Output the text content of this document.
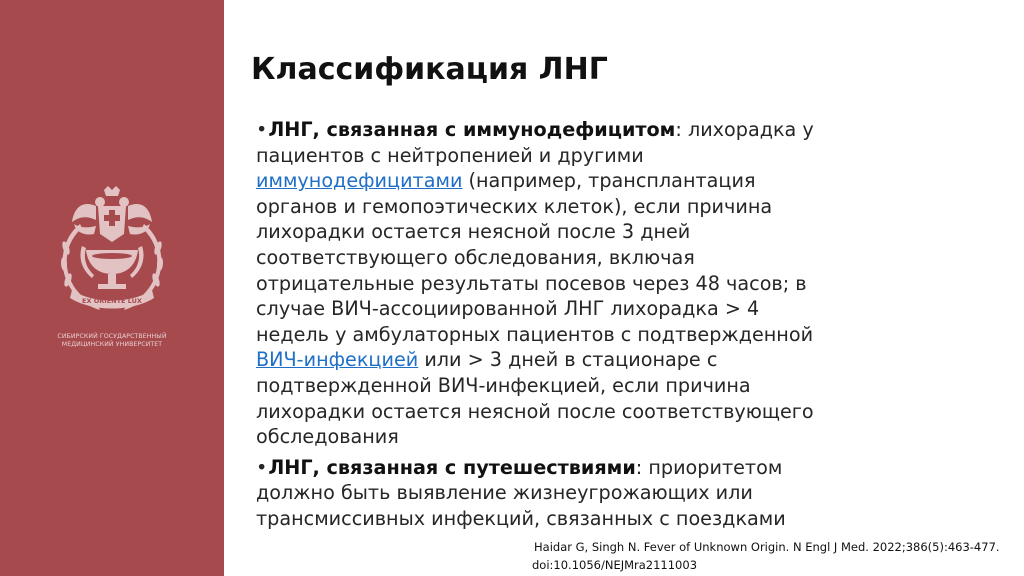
EX ORIENTE LUX
1888
СИБИРСКИЙ ГОСУДАРСТВЕННЫЙ
МЕДИЦИНСКИЙ УНИВЕРСИТЕТ
Классификация ЛНГ
•ЛНГ, связанная с иммунодефицитом: лихорадка у
пациентов с нейтропенией и другими
иммунодефицитами (например, трансплантация
органов и гемопоэтических клеток), если причина
лихорадки остается неясной после 3 дней
соответствующего обследования, включая
отрицательные результаты посевов через 48 часов; в
случае ВИЧ-ассоциированной ЛНГ лихорадка > 4
недель у амбулаторных пациентов с подтвержденной
ВИЧ-инфекцией или > 3 дней в стационаре с
подтвержденной ВИЧ-инфекцией, если причина
лихорадки остается неясной после соответствующего
обследования
•ЛНГ, связанная с путешествиями: приоритетом
должно быть выявление жизнеугрожающих или
трансмиссивных инфекций, связанных с поездками
Haidar G, Singh N. Fever of Unknown Origin. N Engl J Med. 2022;386(5):463-477.
doi:10.1056/NEJMra2111003
